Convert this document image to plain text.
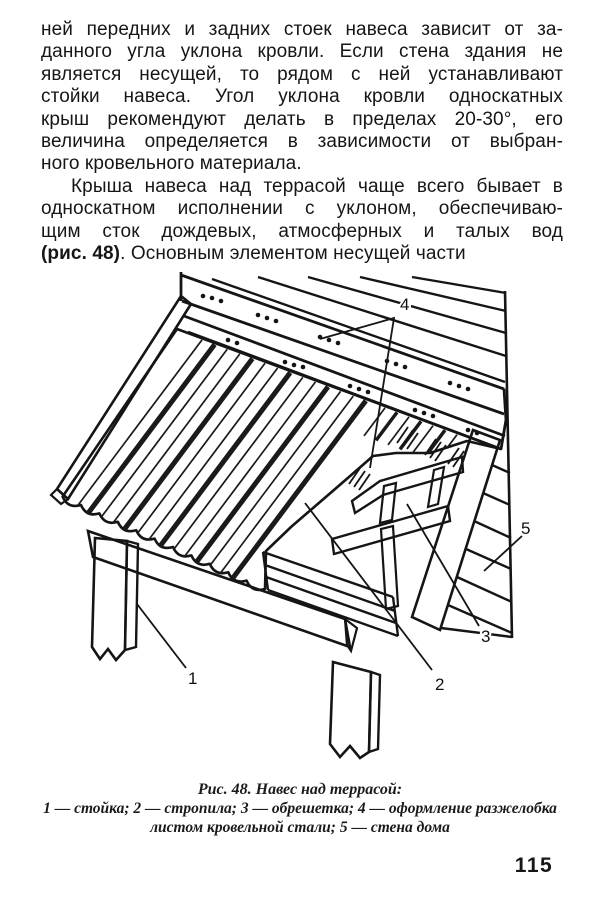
ней передних и задних стоек навеса зависит от за-
данного угла уклона кровли. Если стена здания не
является несущей, то рядом с ней устанавливают
стойки навеса. Угол уклона кровли односкатных
крыш рекомендуют делать в пределах 20-30°, его
величина определяется в зависимости от выбран-
ного кровельного материала.
Крыша навеса над террасой чаще всего бывает в
односкатном исполнении с уклоном, обеспечиваю-
щим сток дождевых, атмосферных и талых вод
(рис. 48). Основным элементом несущей части
1	2
3
4
5
Рис. 48. Навес над террасой:
1 — стойка; 2 — стропила; 3 — обрешетка; 4 — оформление разжелобка
листом кровельной стали; 5 — стена дома
115
